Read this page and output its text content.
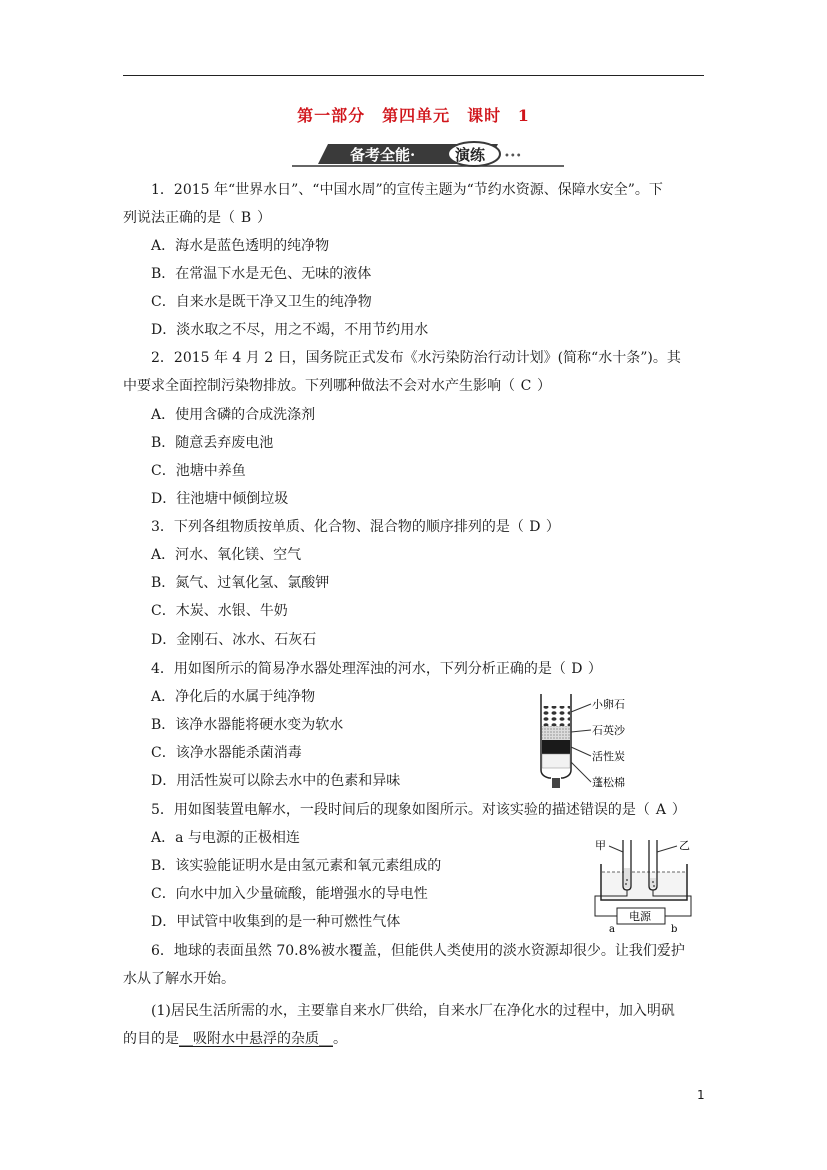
第一部分　第四单元　课时 1
备考全能·	演练 •••
1．2015 年“世界水日”、“中国水周”的宣传主题为“节约水资源、保障水安全”。下
列说法正确的是（ B ）
A．海水是蓝色透明的纯净物
B．在常温下水是无色、无味的液体
C．自来水是既干净又卫生的纯净物
D．淡水取之不尽，用之不竭，不用节约用水
2．2015 年 4 月 2 日，国务院正式发布《水污染防治行动计划》(简称“水十条”)。其
中要求全面控制污染物排放。下列哪种做法不会对水产生影响（ C ）
A．使用含磷的合成洗涤剂
B．随意丢弃废电池
C．池塘中养鱼
D．往池塘中倾倒垃圾
3．下列各组物质按单质、化合物、混合物的顺序排列的是（ D ）
A．河水、氧化镁、空气
B．氮气、过氧化氢、氯酸钾
C．木炭、水银、牛奶
D．金刚石、冰水、石灰石
4．用如图所示的简易净水器处理浑浊的河水，下列分析正确的是（ D ）
A．净化后的水属于纯净物
B．该净水器能将硬水变为软水
C．该净水器能杀菌消毒
D．用活性炭可以除去水中的色素和异味
小卵石
石英沙
活性炭
蓬松棉
5．用如图装置电解水，一段时间后的现象如图所示。对该实验的描述错误的是（ A ）
A．a 与电源的正极相连
B．该实验能证明水是由氢元素和氧元素组成的
C．向水中加入少量硫酸，能增强水的导电性
D．甲试管中收集到的是一种可燃性气体	电源
甲	乙
a	b
6．地球的表面虽然 70.8%被水覆盖，但能供人类使用的淡水资源却很少。让我们爱护
水从了解水开始。
(1)居民生活所需的水，主要靠自来水厂供给，自来水厂在净化水的过程中，加入明矾
的目的是__吸附水中悬浮的杂质__。
1
